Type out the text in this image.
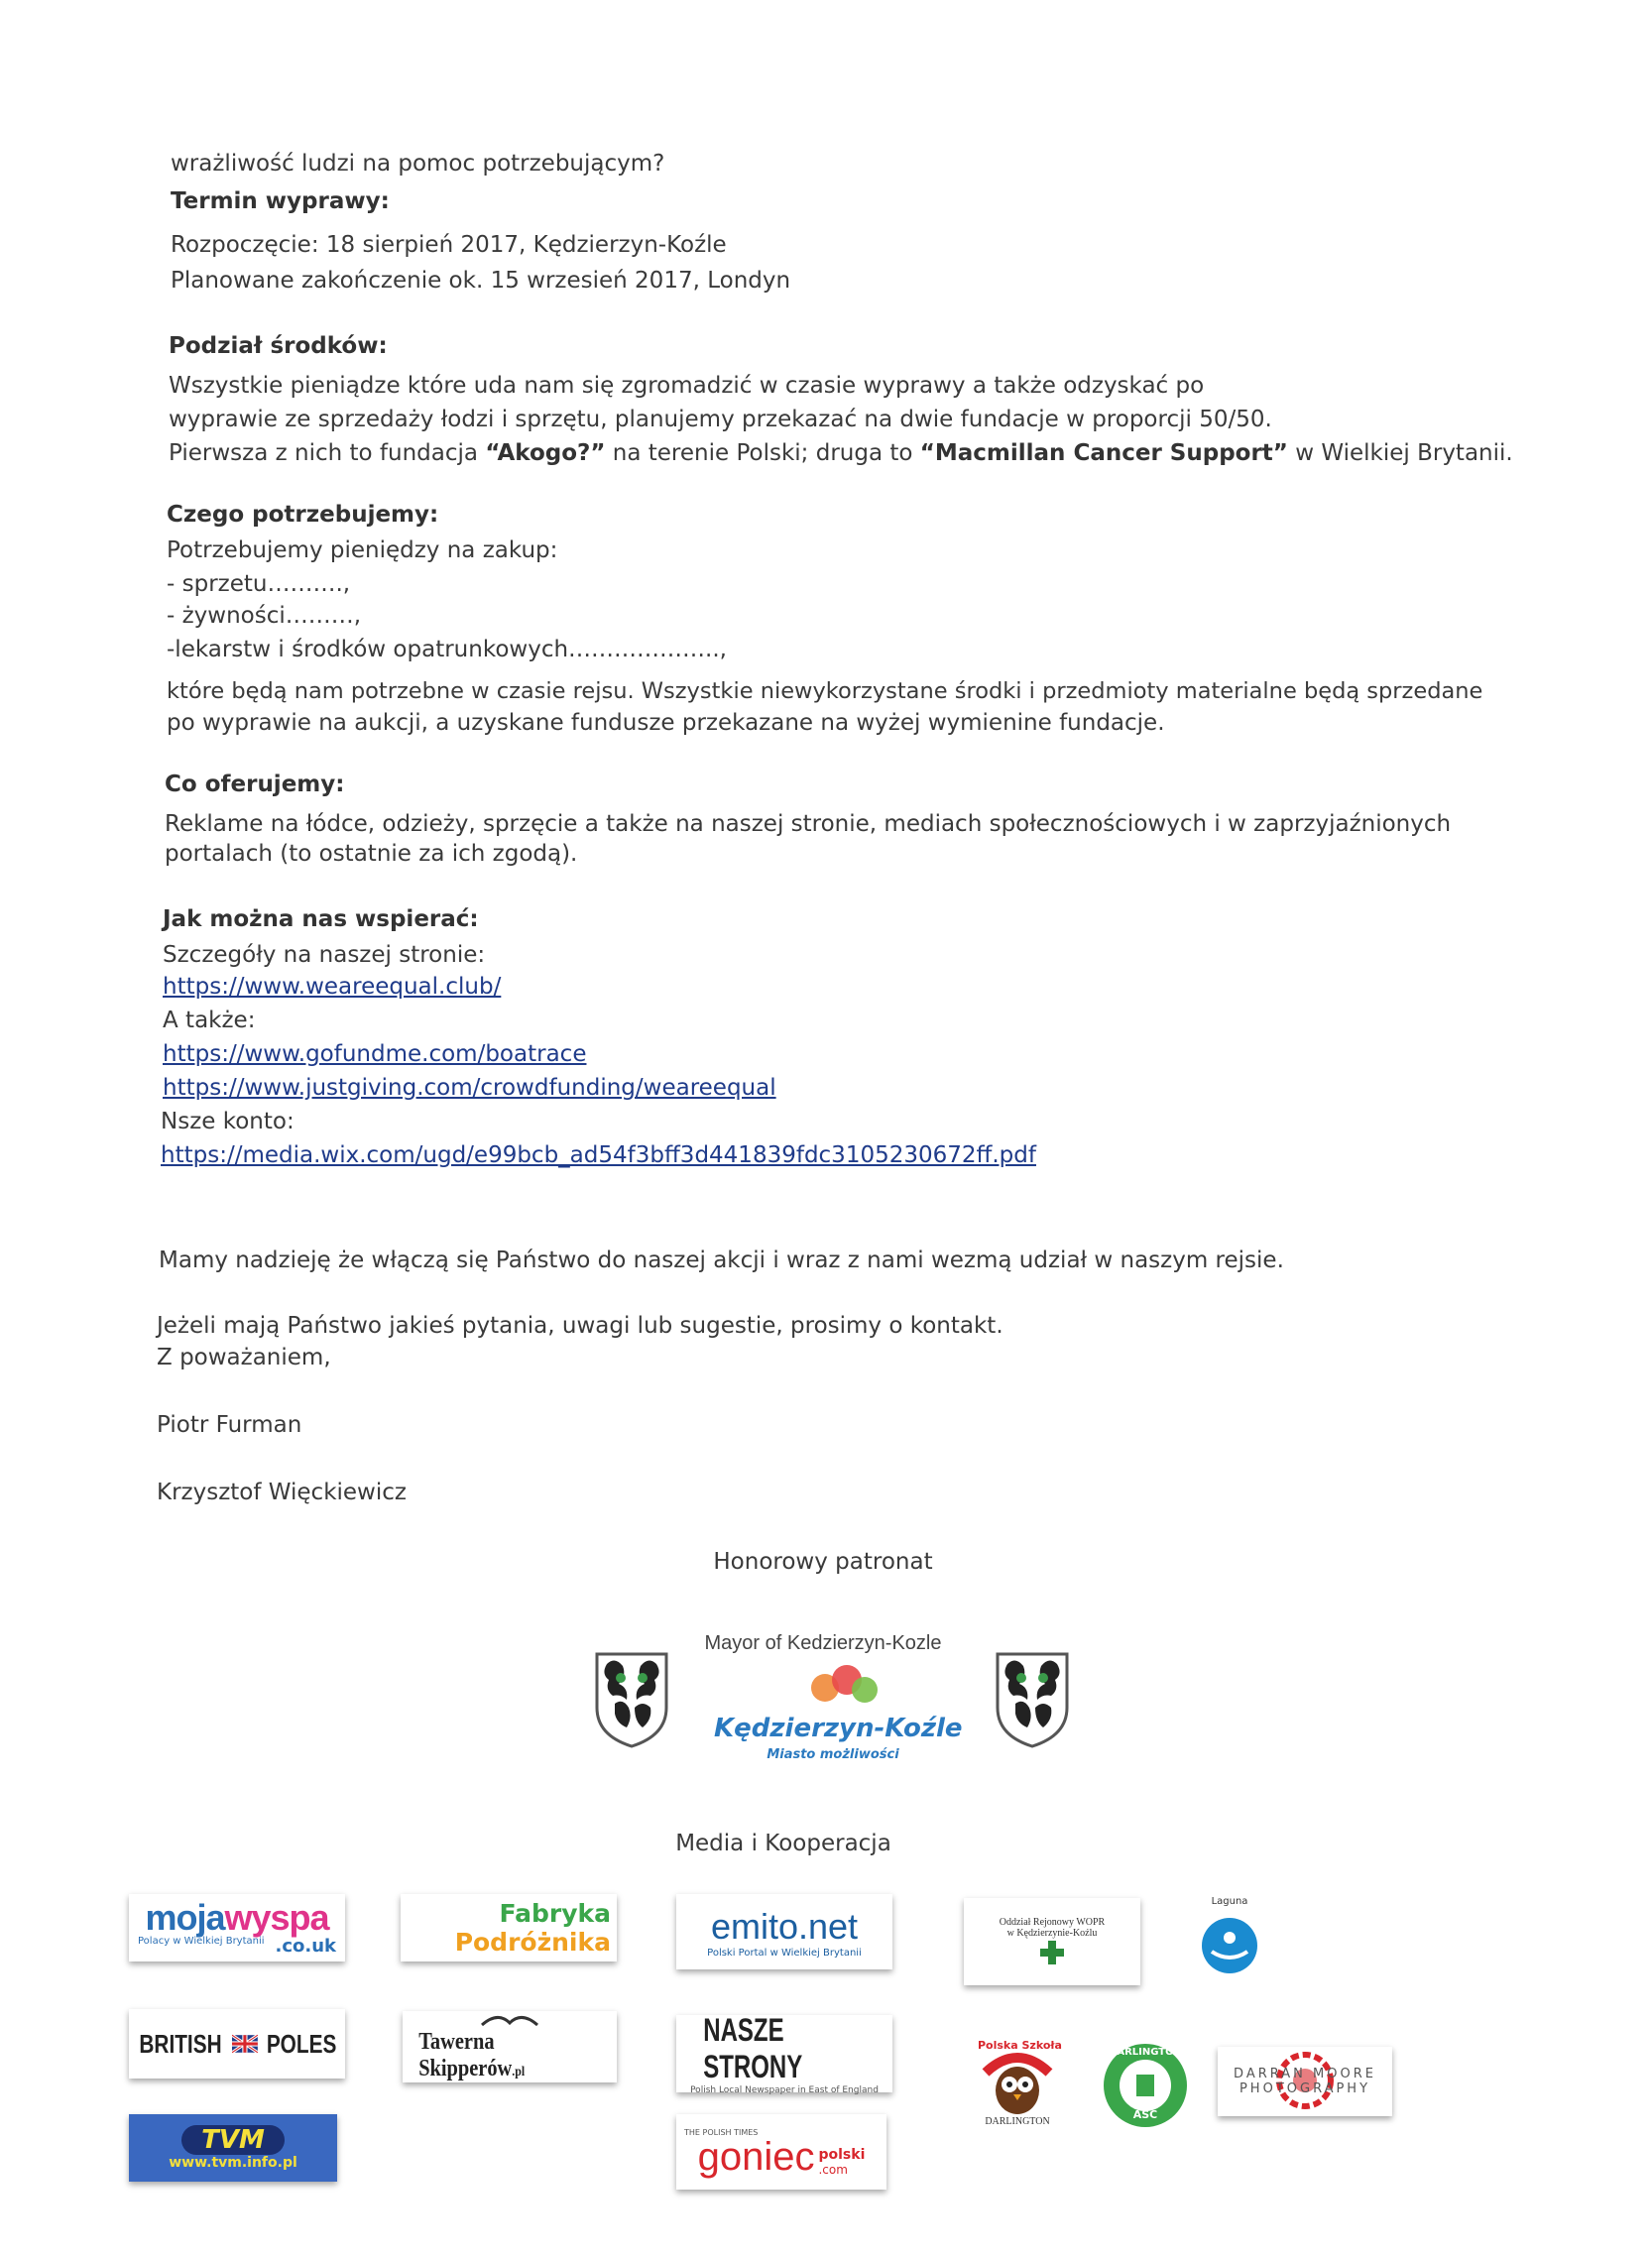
wrażliwość ludzi na pomoc potrzebującym?
Termin wyprawy:
Rozpoczęcie: 18 sierpień 2017, Kędzierzyn-Koźle
Planowane zakończenie ok. 15 wrzesień 2017, Londyn
Podział środków:
Wszystkie pieniądze które uda nam się zgromadzić w czasie wyprawy a także odzyskać po
wyprawie ze sprzedaży łodzi i sprzętu, planujemy przekazać na dwie fundacje w proporcji 50/50.
Pierwsza z nich to fundacja “Akogo?” na terenie Polski; druga to “Macmillan Cancer Support” w Wielkiej Brytanii.
Czego potrzebujemy:
Potrzebujemy pieniędzy na zakup:
- sprzetu……….,
- żywności………,
-lekarstw i środków opatrunkowych………………..,
które będą nam potrzebne w czasie rejsu. Wszystkie niewykorzystane środki i przedmioty materialne będą sprzedane
po wyprawie na aukcji, a uzyskane fundusze przekazane na wyżej wymienine fundacje.
Co oferujemy:
Reklame na łódce, odzieży, sprzęcie a także na naszej stronie, mediach społecznościowych i w zaprzyjaźnionych
portalach (to ostatnie za ich zgodą).
Jak można nas wspierać:
Szczegóły na naszej stronie:
https://www.weareequal.club/
A także:
https://www.gofundme.com/boatrace
https://www.justgiving.com/crowdfunding/weareequal
Nsze konto:
https://media.wix.com/ugd/e99bcb_ad54f3bff3d441839fdc3105230672ff.pdf
Mamy nadzieję że włączą się Państwo do naszej akcji i wraz z nami wezmą udział w naszym rejsie.
Jeżeli mają Państwo jakieś pytania, uwagi lub sugestie, prosimy o kontakt.
Z poważaniem,
Piotr Furman
Krzysztof Więckiewicz
Honorowy patronat
Mayor of Kedzierzyn-Kozle
Kędzierzyn-Koźle
Miasto możliwości
Media i Kooperacja
mojawyspa
Polacy w Wielkiej Brytanii .co.uk
Fabryka
Podróżnika	emito.net
Polski Portal w Wielkiej Brytanii
Oddział Rejonowy WOPR
w Kędzierzynie-Koźlu
Laguna
BRITISH POLES	Tawerna Skipperów.pl
NASZE STRONY
Polish Local Newspaper in East of England
Polska Szkoła
DARLINGTON
DARLINGTON
ASC
DARRAN MOORE
PHOTOGRAPHY
TVM
www.tvm.info.pl
THE POLISH TIMES
goniec polski
.com
